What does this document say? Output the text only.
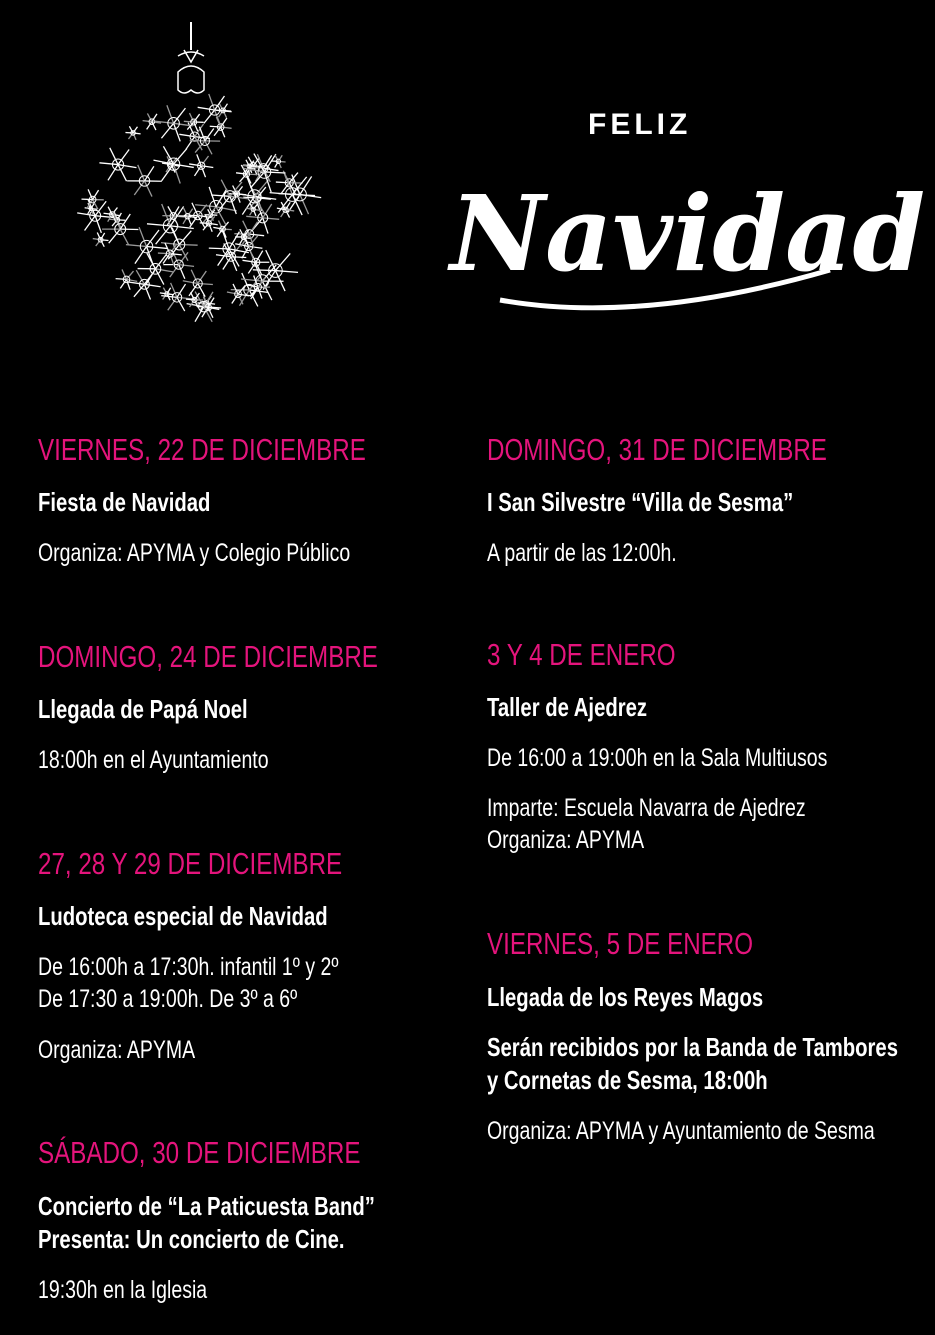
FELIZ
Navidad
VIERNES, 22 DE DICIEMBRE
Fiesta de Navidad
Organiza: APYMA y Colegio Público
DOMINGO, 24 DE DICIEMBRE
Llegada de Papá Noel
18:00h en el Ayuntamiento
27, 28 Y 29 DE DICIEMBRE
Ludoteca especial de Navidad
De 16:00h a 17:30h. infantil 1º y 2º
De 17:30 a 19:00h. De 3º a 6º
Organiza: APYMA
SÁBADO, 30 DE DICIEMBRE
Concierto de “La Paticuesta Band”
Presenta: Un concierto de Cine.
19:30h en la Iglesia
DOMINGO, 31 DE DICIEMBRE
I San Silvestre “Villa de Sesma”
A partir de las 12:00h.
3 Y 4 DE ENERO
Taller de Ajedrez
De 16:00 a 19:00h en la Sala Multiusos
Imparte: Escuela Navarra de Ajedrez
Organiza: APYMA
VIERNES, 5 DE ENERO
Llegada de los Reyes Magos
Serán recibidos por la Banda de Tambores
y Cornetas de Sesma, 18:00h
Organiza: APYMA y Ayuntamiento de Sesma
